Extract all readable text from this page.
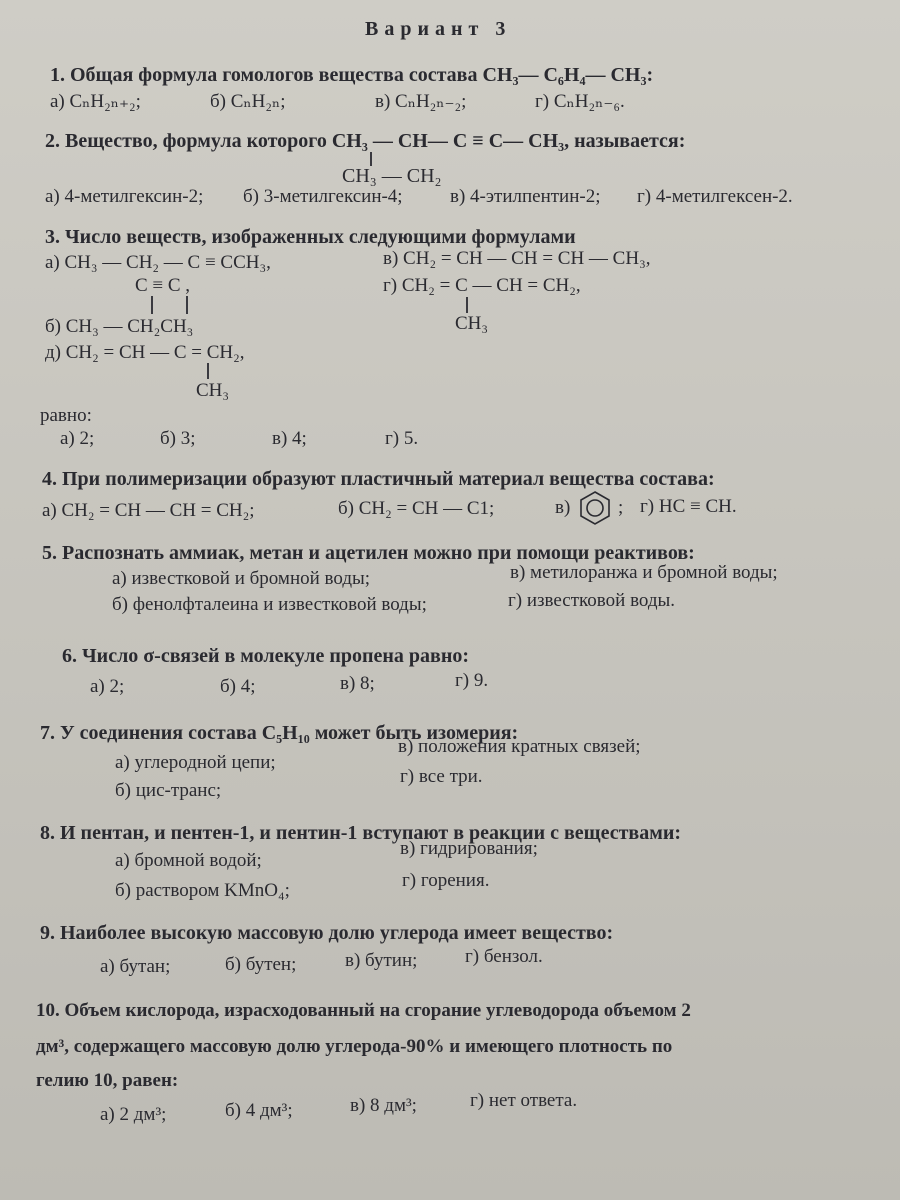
Вариант 3
1. Общая формула гомологов вещества состава CH₃— C₆H₄— CH₃:
а) CₙH₂ₙ₊₂;	б) CₙH₂ₙ;	в) CₙH₂ₙ₋₂;	г) CₙH₂ₙ₋₆.
2. Вещество, формула которого CH₃ — CH— C ≡ C— CH₃, называется:
CH₃ — CH₂
а) 4-метилгексин-2; б) 3-метилгексин-4; в) 4-этилпентин-2; г) 4-метилгексен-2.
3. Число веществ, изображенных следующими формулами
а) CH₃ — CH₂ — C ≡ CCH₃,	в) CH₂ = CH — CH = CH — CH₃,
C ≡ C ,	г) CH₂ = C — CH = CH₂,
CH₃
б) CH₃ — CH₂CH₃
д) CH₂ = CH — C = CH₂,
CH₃
равно:
а) 2;	б) 3;	в) 4;	г) 5.
4. При полимеризации образуют пластичный материал вещества состава:
а) CH₂ = CH — CH = CH₂;	б) CH₂ = CH — C1;	в)	; г) HC ≡ CH.
5. Распознать аммиак, метан и ацетилен можно при помощи реактивов:
а) известковой и бромной воды;	в) метилоранжа и бромной воды;
б) фенолфталеина и известковой воды;	г) известковой воды.
6. Число σ-связей в молекуле пропена равно:
а) 2;	б) 4;	в) 8;	г) 9.
7. У соединения состава C₅H₁₀ может быть изомерия:
а) углеродной цепи;
в) положения кратных связей;
б) цис-транс;
г) все три.
8. И пентан, и пентен-1, и пентин-1 вступают в реакции с веществами:
а) бромной водой;
в) гидрирования;
б) раствором KMnO₄;	г) горения.
9. Наиболее высокую массовую долю углерода имеет вещество:
а) бутан;	б) бутен;	в) бутин;	г) бензол.
10. Объем кислорода, израсходованный на сгорание углеводорода объемом 2
дм³, содержащего массовую долю углерода-90% и имеющего плотность по
гелию 10, равен:
а) 2 дм³;	б) 4 дм³;	в) 8 дм³;	г) нет ответа.
